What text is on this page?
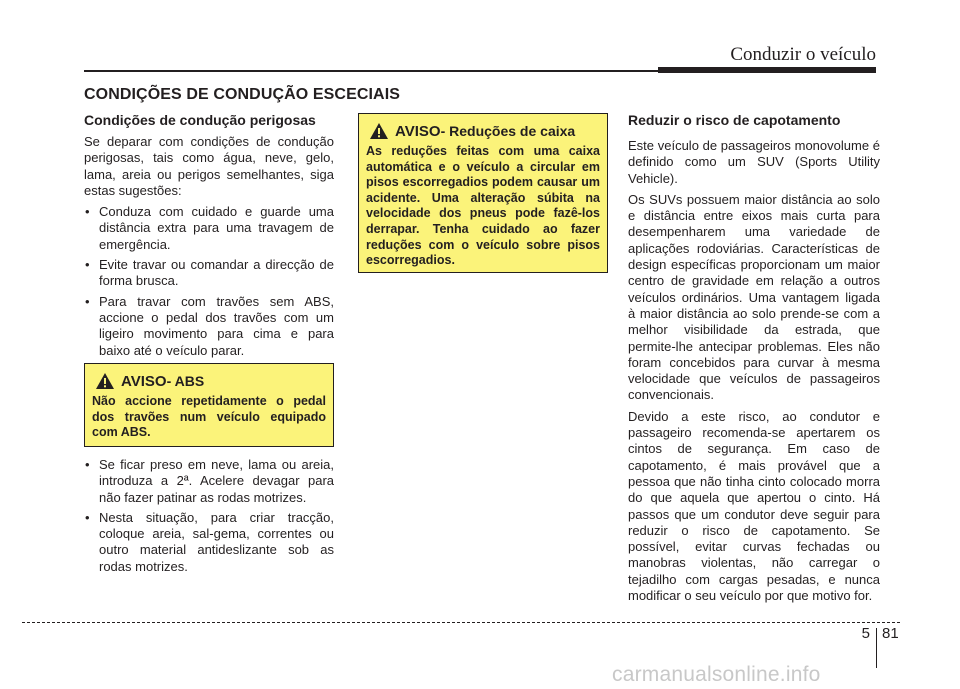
Conduzir o veículo
CONDIÇÕES DE CONDUÇÃO ESCECIAIS

Condições de condução perigosas

Se deparar com condições de condução perigosas, tais como água, neve, gelo, lama, areia ou perigos semelhantes, siga estas sugestões:

• Conduza com cuidado e guarde uma distância extra para uma travagem de emergência.
• Evite travar ou comandar a direcção de forma brusca.
• Para travar com travões sem ABS, accione o pedal dos travões com um ligeiro movimento para cima e para baixo até o veículo parar.
• Se ficar preso em neve, lama ou areia, introduza a 2ª. Acelere devagar para não fazer patinar as rodas motrizes.
• Nesta situação, para criar tracção, coloque areia, sal-gema, correntes ou outro material antideslizante sob as rodas motrizes.
AVISO - ABS

Não accione repetidamente o pedal dos travões num veículo equipado com ABS.

AVISO - Reduções de caixa

As reduções feitas com uma caixa automática e o veículo a circular em pisos escorregadios podem causar um acidente. Uma alteração súbita na velocidade dos pneus pode fazê-los derrapar. Tenha cuidado ao fazer reduções com o veículo sobre pisos escorregadios.

Reduzir o risco de capotamento

Este veículo de passageiros monovolume é definido como um SUV (Sports Utility Vehicle).

Os SUVs possuem maior distância ao solo e distância entre eixos mais curta para desempenharem uma variedade de aplicações rodoviárias. Características de design específicas proporcionam um maior centro de gravidade em relação a outros veículos ordinários. Uma vantagem ligada à maior distância ao solo prende-se com a melhor visibilidade da estrada, que permite-lhe antecipar problemas. Eles não foram concebidos para curvar à mesma velocidade que veículos de passageiros convencionais.

Devido a este risco, ao condutor e passageiro recomenda-se apertarem os cintos de segurança. Em caso de capotamento, é mais provável que a pessoa que não tinha cinto colocado morra do que aquela que apertou o cinto. Há passos que um condutor deve seguir para reduzir o risco de capotamento. Se possível, evitar curvas fechadas ou manobras violentas, não carregar o tejadilho com cargas pesadas, e nunca modificar o seu veículo por que motivo for.

5 81
carmanualsonline.info
